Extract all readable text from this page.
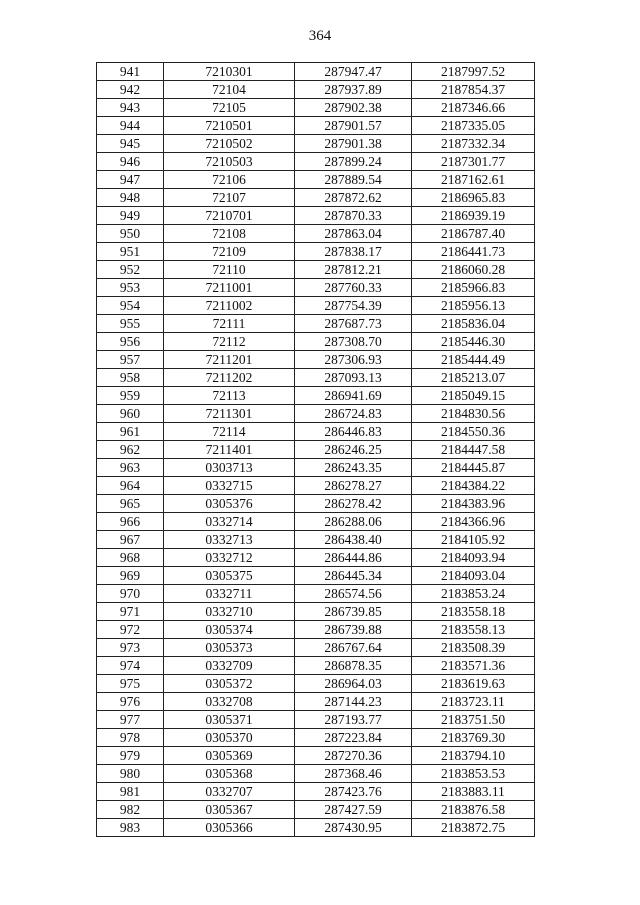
364
941	7210301	287947.47	2187997.52
942	72104	287937.89	2187854.37
943	72105	287902.38	2187346.66
944	7210501	287901.57	2187335.05
945	7210502	287901.38	2187332.34
946	7210503	287899.24	2187301.77
947	72106	287889.54	2187162.61
948	72107	287872.62	2186965.83
949	7210701	287870.33	2186939.19
950	72108	287863.04	2186787.40
951	72109	287838.17	2186441.73
952	72110	287812.21	2186060.28
953	7211001	287760.33	2185966.83
954	7211002	287754.39	2185956.13
955	72111	287687.73	2185836.04
956	72112	287308.70	2185446.30
957	7211201	287306.93	2185444.49
958	7211202	287093.13	2185213.07
959	72113	286941.69	2185049.15
960	7211301	286724.83	2184830.56
961	72114	286446.83	2184550.36
962	7211401	286246.25	2184447.58
963	0303713	286243.35	2184445.87
964	0332715	286278.27	2184384.22
965	0305376	286278.42	2184383.96
966	0332714	286288.06	2184366.96
967	0332713	286438.40	2184105.92
968	0332712	286444.86	2184093.94
969	0305375	286445.34	2184093.04
970	0332711	286574.56	2183853.24
971	0332710	286739.85	2183558.18
972	0305374	286739.88	2183558.13
973	0305373	286767.64	2183508.39
974	0332709	286878.35	2183571.36
975	0305372	286964.03	2183619.63
976	0332708	287144.23	2183723.11
977	0305371	287193.77	2183751.50
978	0305370	287223.84	2183769.30
979	0305369	287270.36	2183794.10
980	0305368	287368.46	2183853.53
981	0332707	287423.76	2183883.11
982	0305367	287427.59	2183876.58
983	0305366	287430.95	2183872.75
